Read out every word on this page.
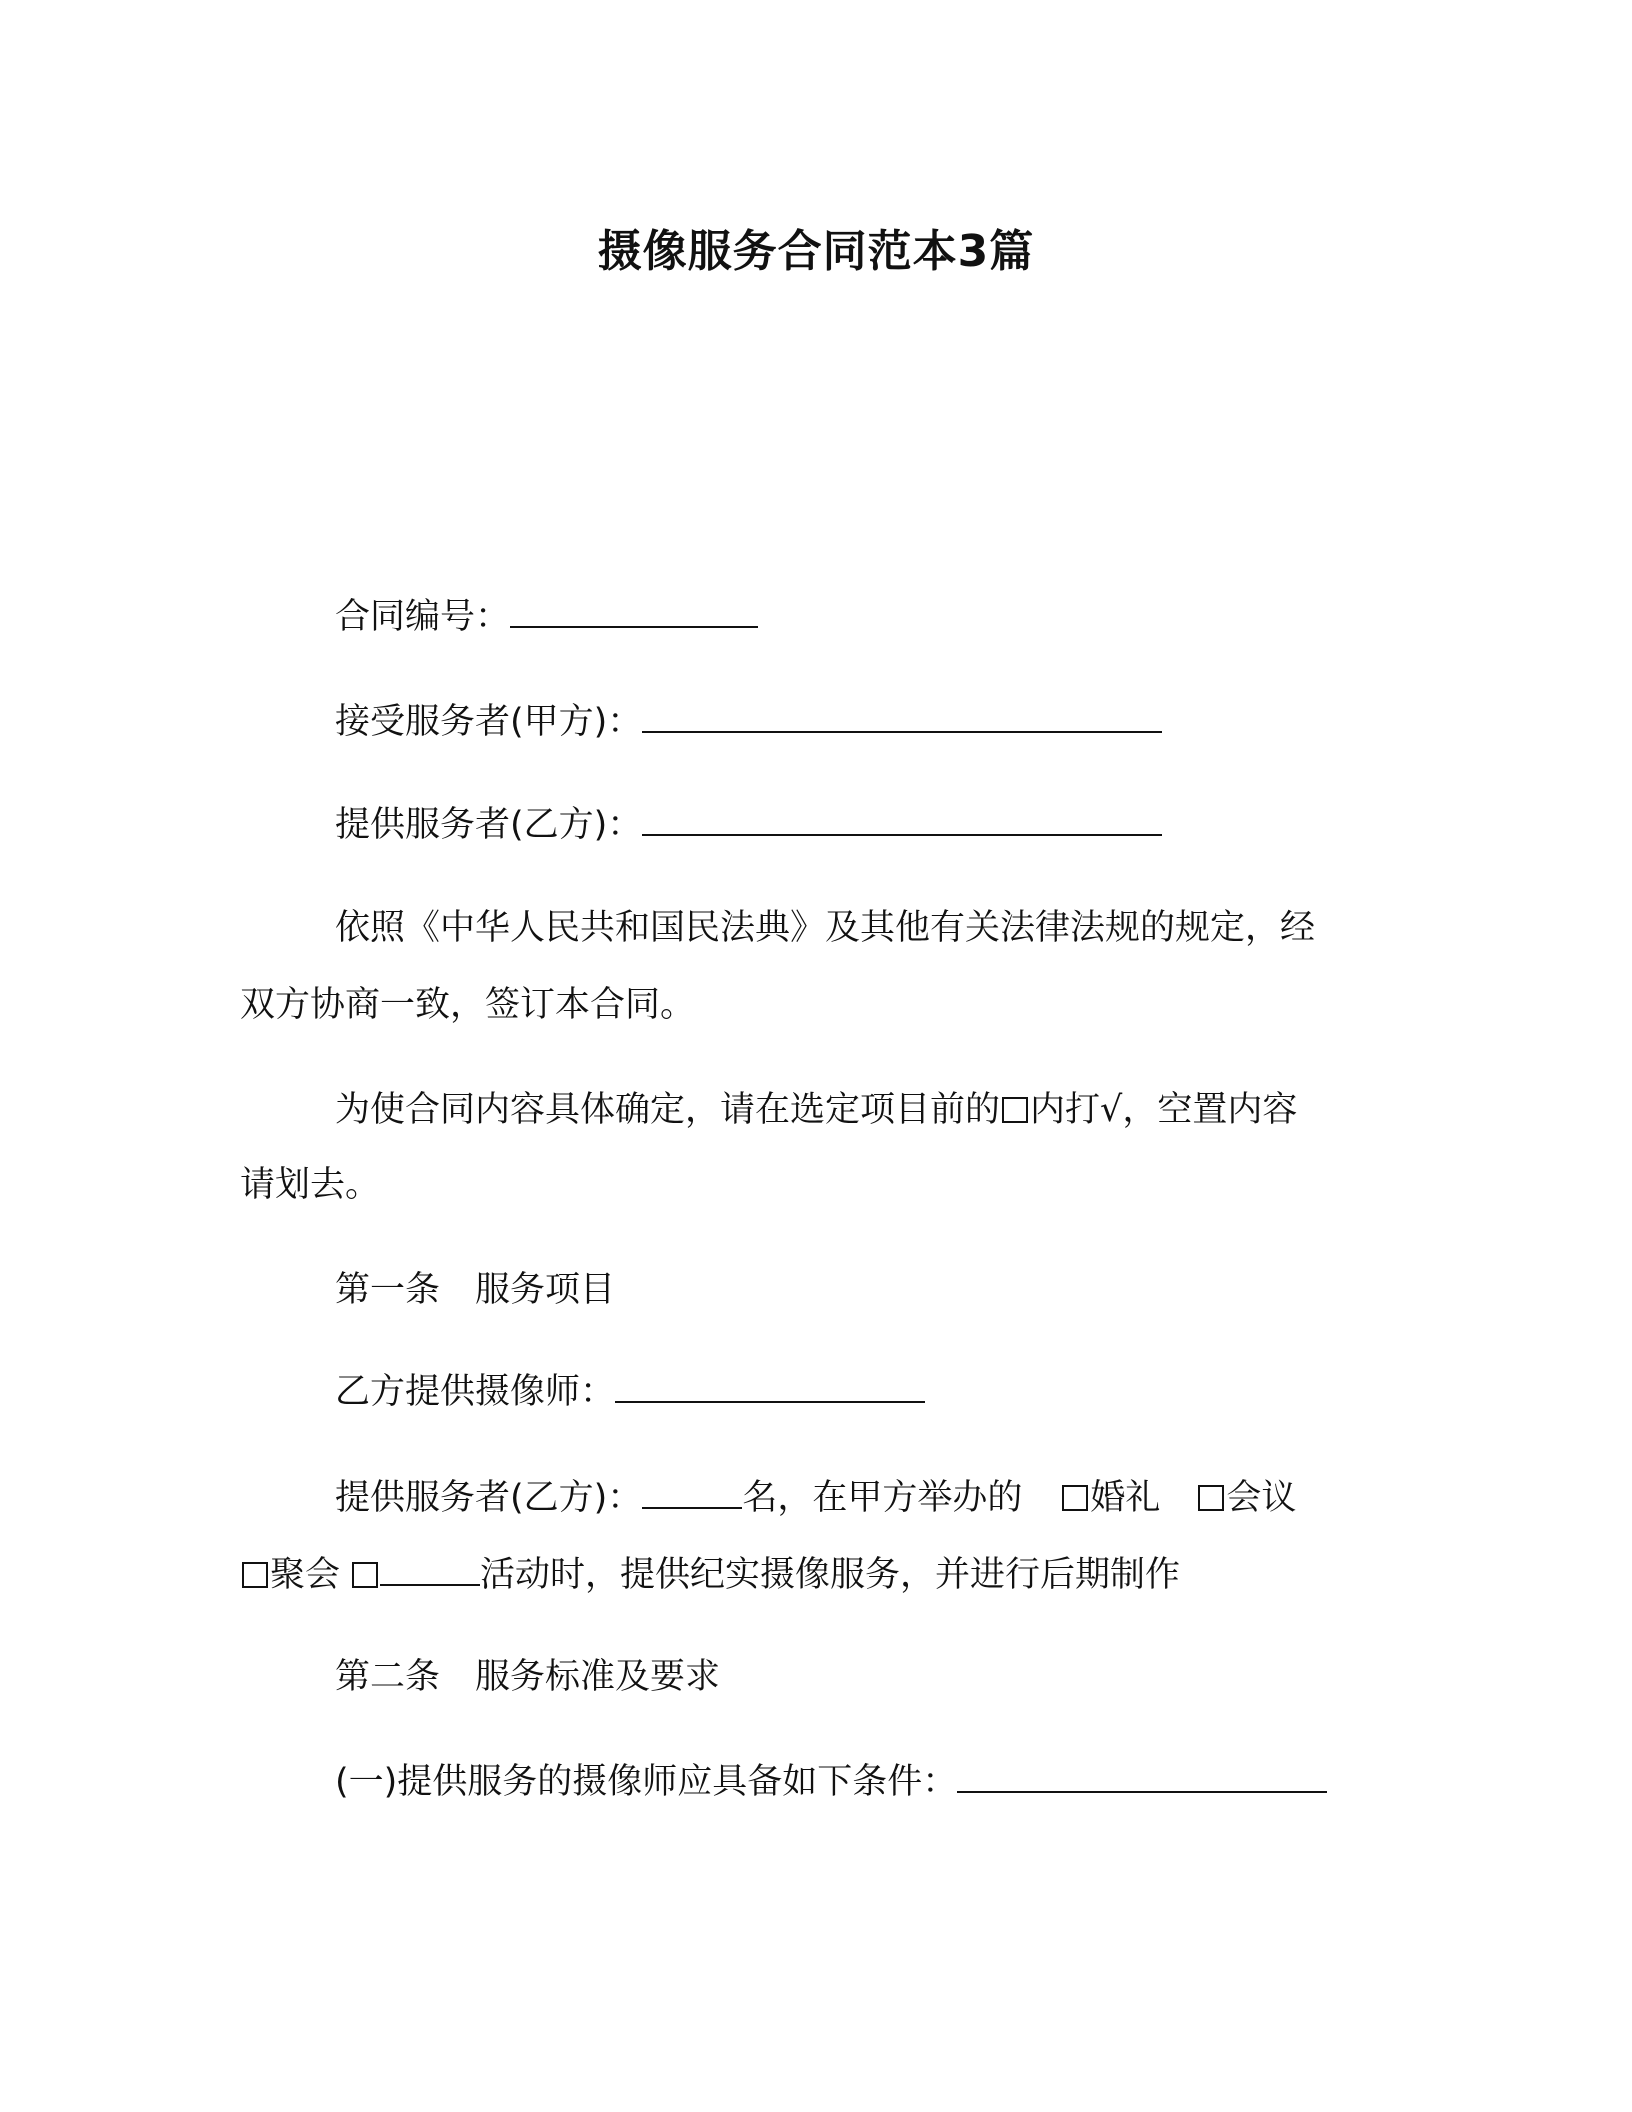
摄像服务合同范本3篇
合同编号：
接受服务者(甲方)：
提供服务者(乙方)：
依照《中华人民共和国民法典》及其他有关法律法规的规定，经
双方协商一致，签订本合同。
为使合同内容具体确定，请在选定项目前的 内打√，空置内容
请划去。
第一条　服务项目
乙方提供摄像师：
提供服务者(乙方)：	名，在甲方举办的 婚礼 会议
聚会	活动时，提供纪实摄像服务，并进行后期制作
第二条　服务标准及要求
(一)提供服务的摄像师应具备如下条件：
